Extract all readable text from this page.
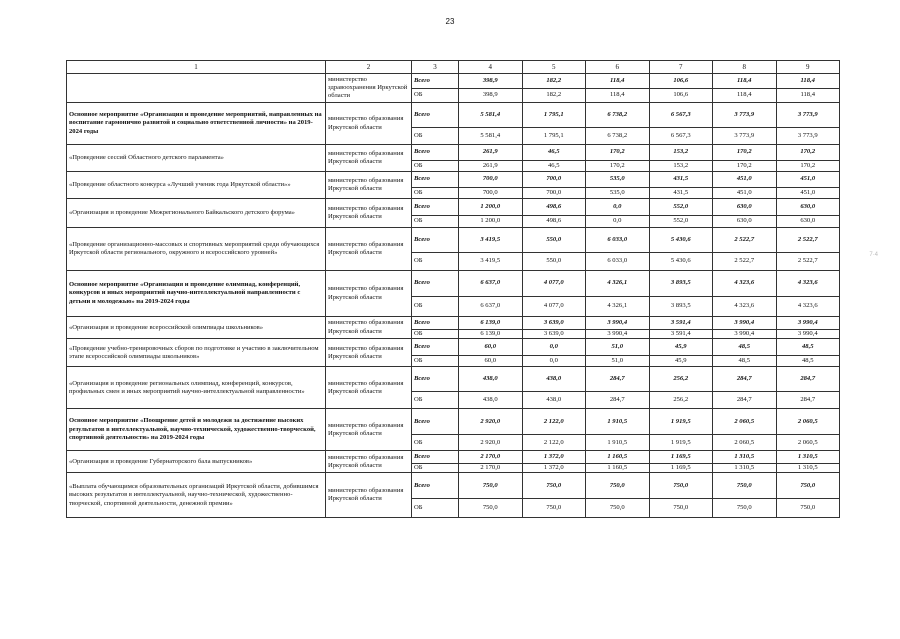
23
7·4
1	2	3	4	5	6	7	8	9
	министерство здравоохранения Иркутской области	Всего	398,9	182,2	118,4	106,6	118,4	118,4
		ОБ	398,9	182,2	118,4	106,6	118,4	118,4
Основное мероприятие «Организация и проведение мероприятий, направленных на воспитание гармонично развитой и социально ответственной личности» на 2019-2024 годы	министерство образования Иркутской области	Всего	5 581,4	1 795,1	6 738,2	6 567,3	3 773,9	3 773,9
		ОБ	5 581,4	1 795,1	6 738,2	6 567,3	3 773,9	3 773,9
«Проведение сессий Областного детского парламента»	министерство образования Иркутской области	Всего	261,9	46,5	170,2	153,2	170,2	170,2
		ОБ	261,9	46,5	170,2	153,2	170,2	170,2
«Проведение областного конкурса «Лучший ученик года Иркутской области»»	министерство образования Иркутской области	Всего	700,0	700,0	535,0	431,5	451,0	451,0
		ОБ	700,0	700,0	535,0	431,5	451,0	451,0
«Организация и проведение Межрегионального Байкальского детского форума»	министерство образования Иркутской области	Всего	1 200,0	498,6	0,0	552,0	630,0	630,0
		ОБ	1 200,0	498,6	0,0	552,0	630,0	630,0
«Проведение организационно-массовых и спортивных мероприятий среди обучающихся Иркутской области регионального, окружного и всероссийского уровней»	министерство образования Иркутской области	Всего	3 419,5	550,0	6 033,0	5 430,6	2 522,7	2 522,7
		ОБ	3 419,5	550,0	6 033,0	5 430,6	2 522,7	2 522,7
Основное мероприятие «Организация и проведение олимпиад, конференций, конкурсов и иных мероприятий научно-интеллектуальной направленности с детьми и молодежью» на 2019-2024 годы	министерство образования Иркутской области	Всего	6 637,0	4 077,0	4 326,1	3 893,5	4 323,6	4 323,6
		ОБ	6 637,0	4 077,0	4 326,1	3 893,5	4 323,6	4 323,6
«Организация и проведение всероссийской олимпиады школьников»	министерство образования Иркутской области	Всего	6 139,0	3 639,0	3 990,4	3 591,4	3 990,4	3 990,4
		ОБ	6 139,0	3 639,0	3 990,4	3 591,4	3 990,4	3 990,4
«Проведение учебно-тренировочных сборов по подготовке и участию в заключительном этапе всероссийской олимпиады школьников»	министерство образования Иркутской области	Всего	60,0	0,0	51,0	45,9	48,5	48,5
		ОБ	60,0	0,0	51,0	45,9	48,5	48,5
«Организация и проведение региональных олимпиад, конференций, конкурсов, профильных смен и иных мероприятий научно-интеллектуальной направленности»	министерство образования Иркутской области	Всего	438,0	438,0	284,7	256,2	284,7	284,7
		ОБ	438,0	438,0	284,7	256,2	284,7	284,7
Основное мероприятие «Поощрение детей и молодежи за достижение высоких результатов в интеллектуальной, научно-технической, художественно-творческой, спортивной деятельности» на 2019-2024 годы	министерство образования Иркутской области	Всего	2 920,0	2 122,0	1 910,5	1 919,5	2 060,5	2 060,5
		ОБ	2 920,0	2 122,0	1 910,5	1 919,5	2 060,5	2 060,5
«Организация и проведение Губернаторского бала выпускников»	министерство образования Иркутской области	Всего	2 170,0	1 372,0	1 160,5	1 169,5	1 310,5	1 310,5
		ОБ	2 170,0	1 372,0	1 160,5	1 169,5	1 310,5	1 310,5
«Выплата обучающимся образовательных организаций Иркутской области, добившимся высоких результатов в интеллектуальной, научно-технической, художественно-творческой, спортивной деятельности, денежной премии»	министерство образования Иркутской области	Всего	750,0	750,0	750,0	750,0	750,0	750,0
		ОБ	750,0	750,0	750,0	750,0	750,0	750,0
